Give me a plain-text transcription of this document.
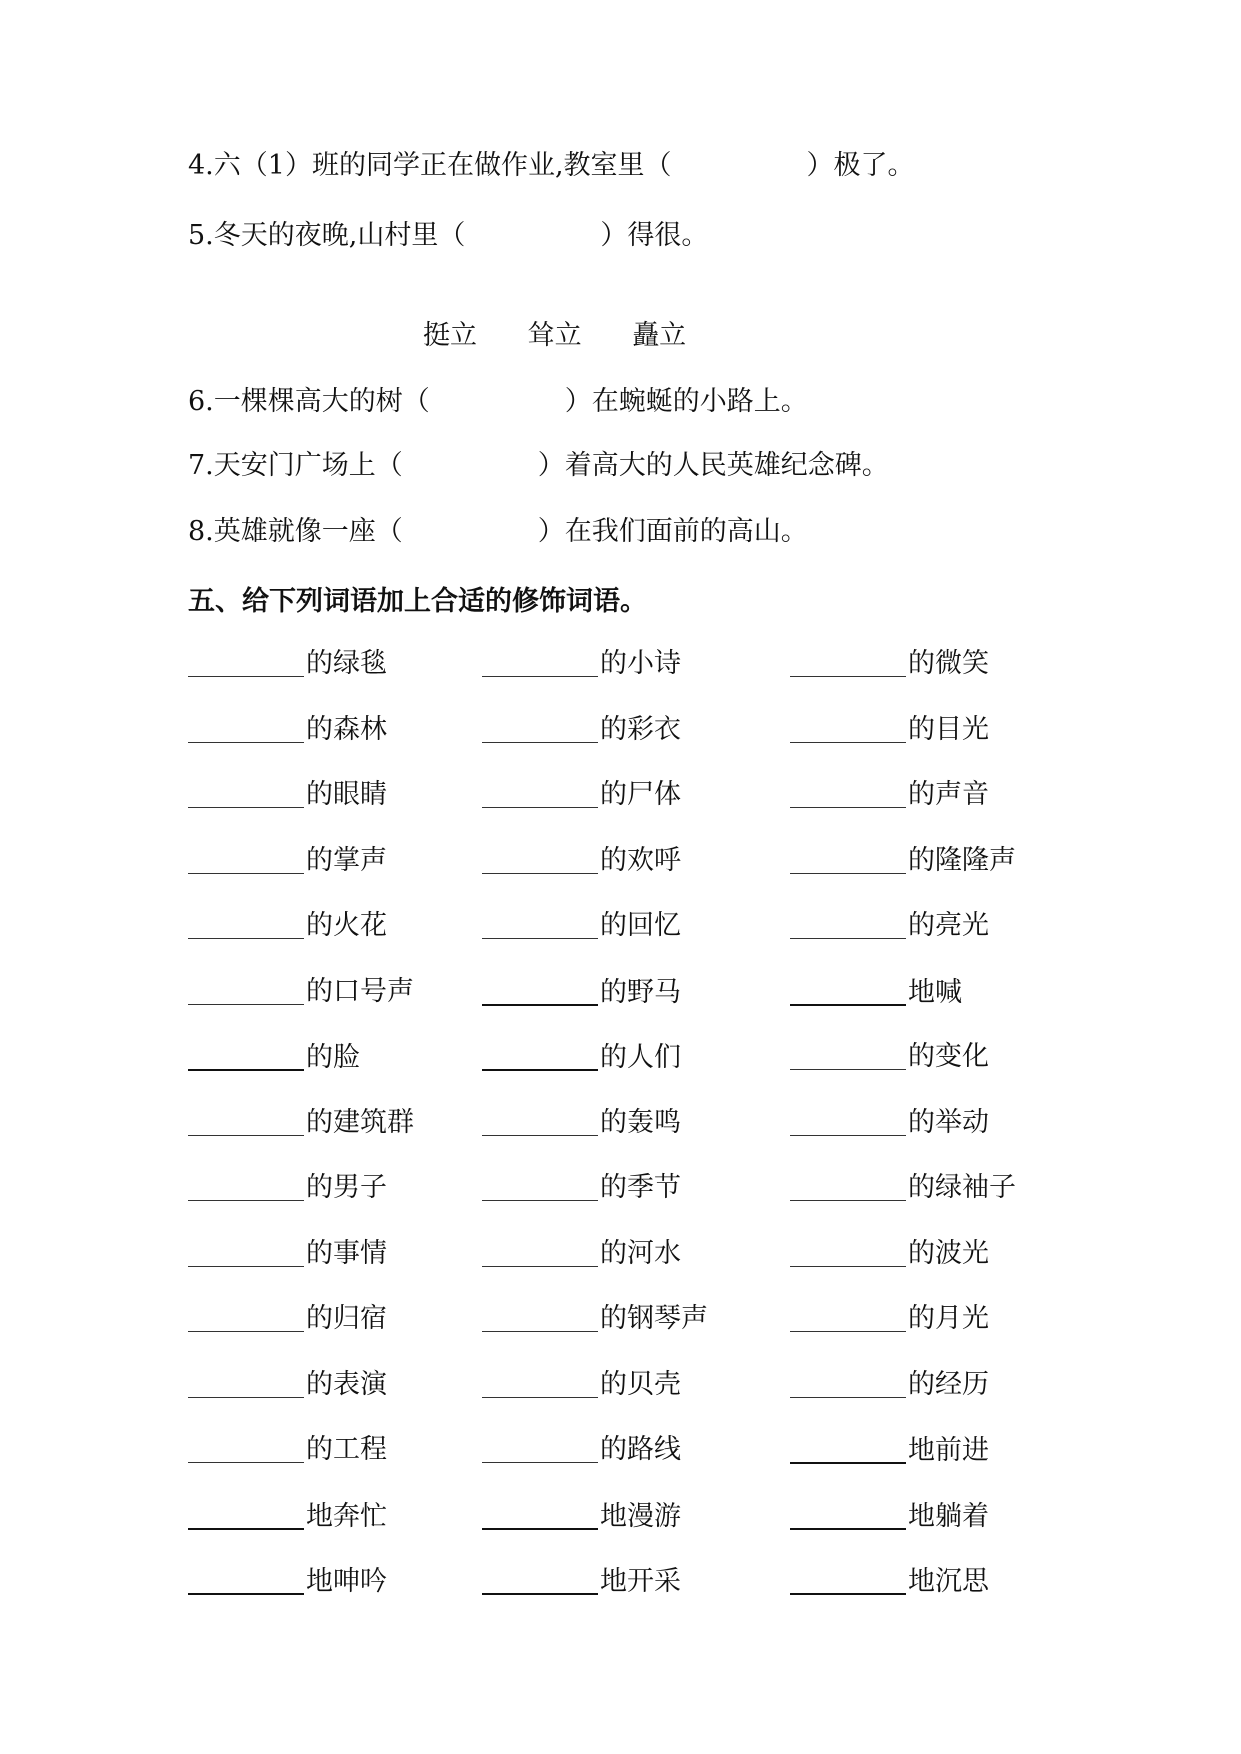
4.六（1）班的同学正在做作业,教室里（　　　　　）极了。
5.冬天的夜晚,山村里（　　　　　）得很。
挺立 耸立 矗立
6.一棵棵高大的树（　　　　　）在蜿蜒的小路上。
7.天安门广场上（　　　　　）着高大的人民英雄纪念碑。
8.英雄就像一座（　　　　　）在我们面前的高山。
五、给下列词语加上合适的修饰词语。
的绿毯	的小诗	的微笑
的森林	的彩衣	的目光
的眼睛	的尸体	的声音
的掌声	的欢呼	的隆隆声
的火花	的回忆	的亮光
的口号声	的野马	地喊
的脸	的人们	的变化
的建筑群	的轰鸣	的举动
的男子	的季节	的绿袖子
的事情	的河水	的波光
的归宿	的钢琴声	的月光
的表演	的贝壳	的经历
的工程	的路线	地前进
地奔忙	地漫游	地躺着
地呻吟	地开采	地沉思
